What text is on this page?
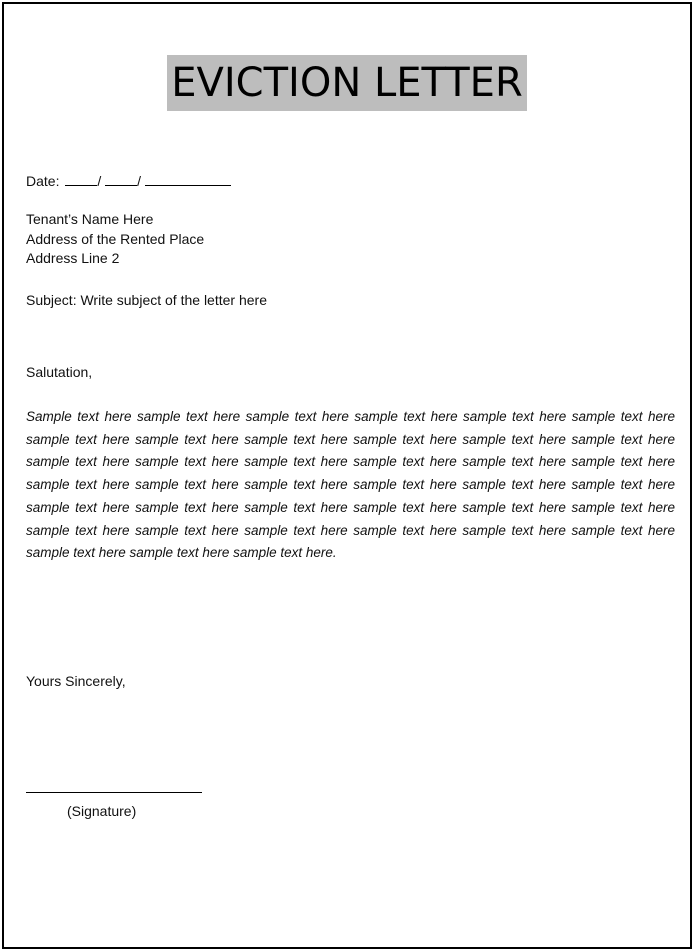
EVICTION LETTER
Date:	/	/
Tenant’s Name Here
Address of the Rented Place
Address Line 2
Subject: Write subject of the letter here
Salutation,
Sample text here sample text here sample text here sample text here sample text here sample text here sample text here sample text here sample text here sample text here sample text here sample text here sample text here sample text here sample text here sample text here sample text here sample text here sample text here sample text here sample text here sample text here sample text here sample text here sample text here sample text here sample text here sample text here sample text here sample text here sample text here sample text here sample text here sample text here sample text here sample text here sample text here sample text here sample text here.
Yours Sincerely,
(Signature)
